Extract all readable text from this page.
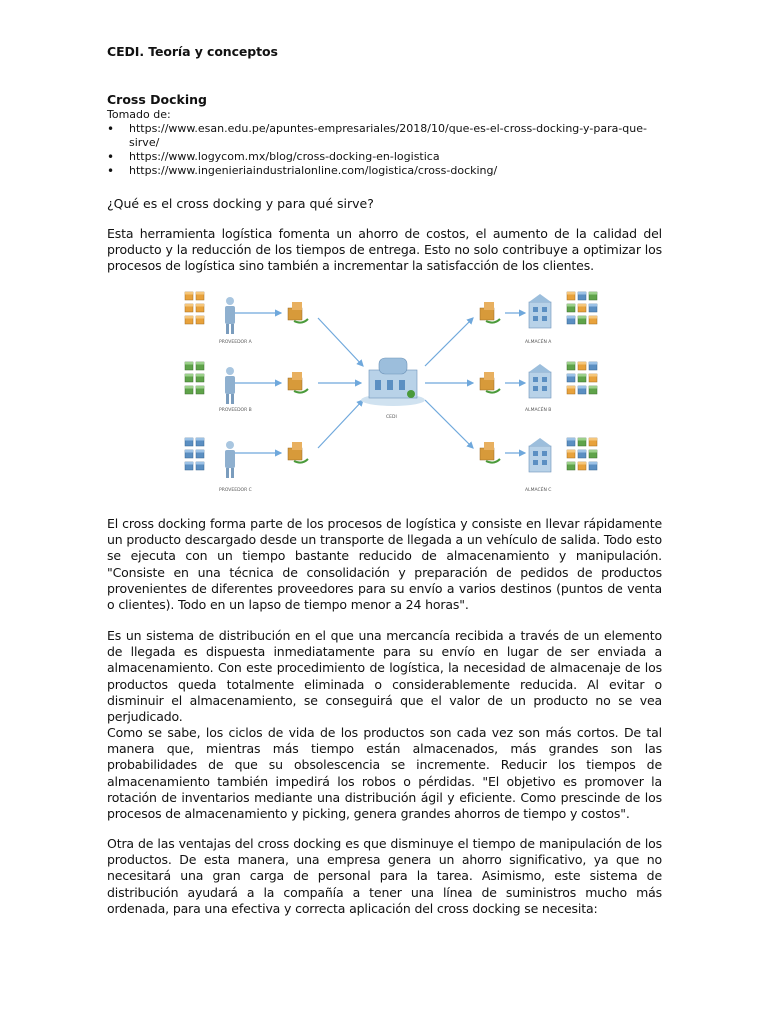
CEDI. Teoría y conceptos
Cross Docking
Tomado de:
• https://www.esan.edu.pe/apuntes-empresariales/2018/10/que-es-el-cross-docking-y-para-que-sirve/
• https://www.logycom.mx/blog/cross-docking-en-logistica
• https://www.ingenieriaindustrialonline.com/logistica/cross-docking/
¿Qué es el cross docking y para qué sirve?

Esta herramienta logística fomenta un ahorro de costos, el aumento de la calidad del producto y la reducción de los tiempos de entrega. Esto no solo contribuye a optimizar los procesos de logística sino también a incrementar la satisfacción de los clientes.

El cross docking forma parte de los procesos de logística y consiste en llevar rápidamente un producto descargado desde un transporte de llegada a un vehículo de salida. Todo esto se ejecuta con un tiempo bastante reducido de almacenamiento y manipulación. "Consiste en una técnica de consolidación y preparación de pedidos de productos provenientes de diferentes proveedores para su envío a varios destinos (puntos de venta o clientes). Todo en un lapso de tiempo menor a 24 horas".

Es un sistema de distribución en el que una mercancía recibida a través de un elemento de llegada es dispuesta inmediatamente para su envío en lugar de ser enviada a almacenamiento. Con este procedimiento de logística, la necesidad de almacenaje de los productos queda totalmente eliminada o considerablemente reducida. Al evitar o disminuir el almacenamiento, se conseguirá que el valor de un producto no se vea perjudicado.

Como se sabe, los ciclos de vida de los productos son cada vez son más cortos. De tal manera que, mientras más tiempo están almacenados, más grandes son las probabilidades de que su obsolescencia se incremente. Reducir los tiempos de almacenamiento también impedirá los robos o pérdidas. "El objetivo es promover la rotación de inventarios mediante una distribución ágil y eficiente. Como prescinde de los procesos de almacenamiento y picking, genera grandes ahorros de tiempo y costos".

Otra de las ventajas del cross docking es que disminuye el tiempo de manipulación de los productos. De esta manera, una empresa genera un ahorro significativo, ya que no necesitará una gran carga de personal para la tarea. Asimismo, este sistema de distribución ayudará a la compañía a tener una línea de suministros mucho más ordenada, para una efectiva y correcta aplicación del cross docking se necesita:

PROVEEDOR A
PROVEEDOR B
PROVEEDOR C
CEDI
ALMACÉN A
ALMACÉN B
ALMACÉN C
